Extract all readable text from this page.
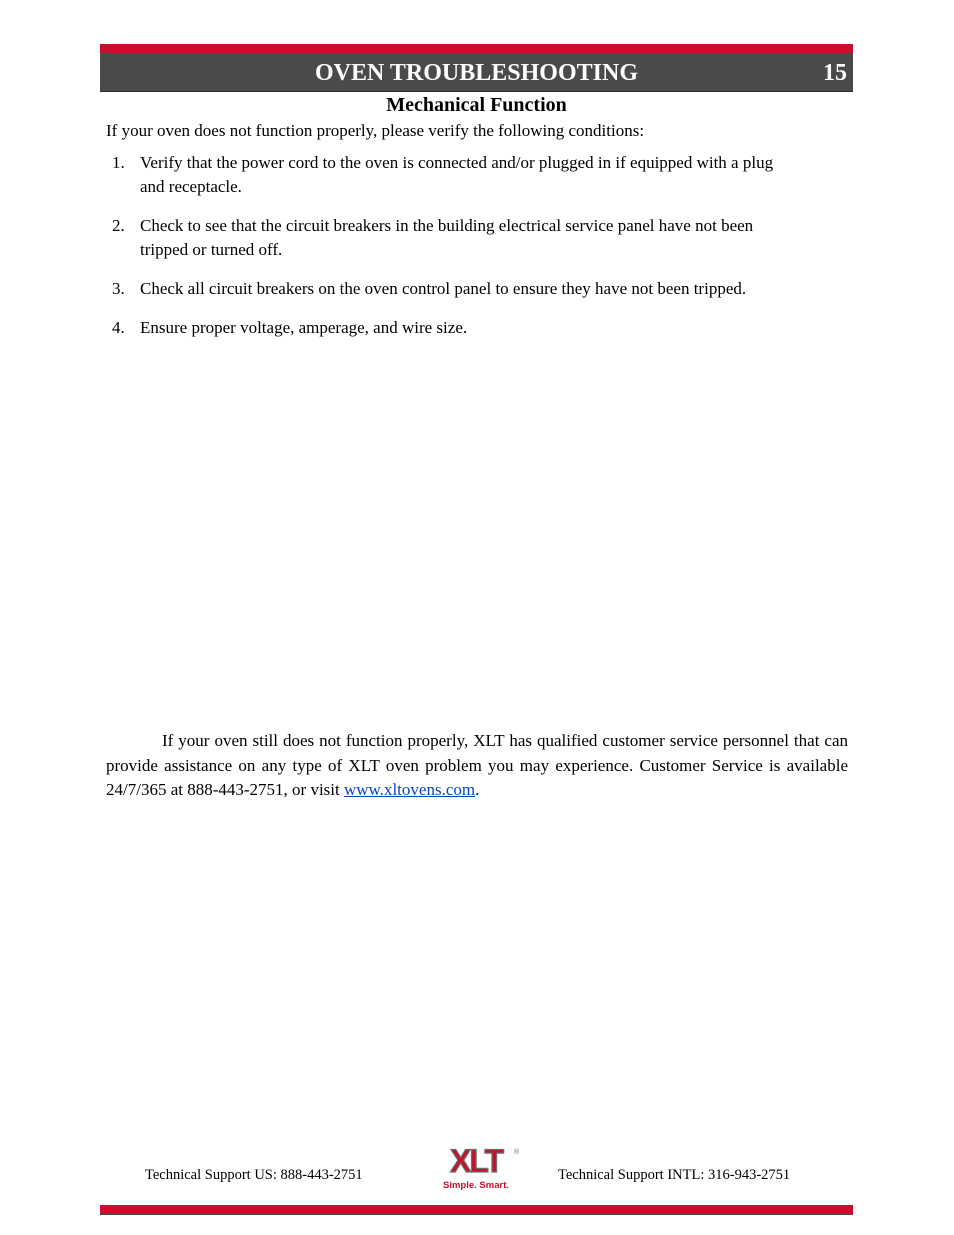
OVEN TROUBLESHOOTING	15
Mechanical Function
If your oven does not function properly, please verify the following conditions:
1. Verify that the power cord to the oven is connected and/or plugged in if equipped with a plug
and receptacle.
2. Check to see that the circuit breakers in the building electrical service panel have not been
tripped or turned off.
3. Check all circuit breakers on the oven control panel to ensure they have not been tripped.
4. Ensure proper voltage, amperage, and wire size.
If your oven still does not function properly, XLT has qualified customer service personnel that can provide assistance on any type of XLT oven problem you may experience. Customer Service is available 24/7/365 at 888-443-2751, or visit www.xltovens.com.
Technical Support US: 888-443-2751	XLT	®
Simple. Smart.
Technical Support INTL: 316-943-2751
